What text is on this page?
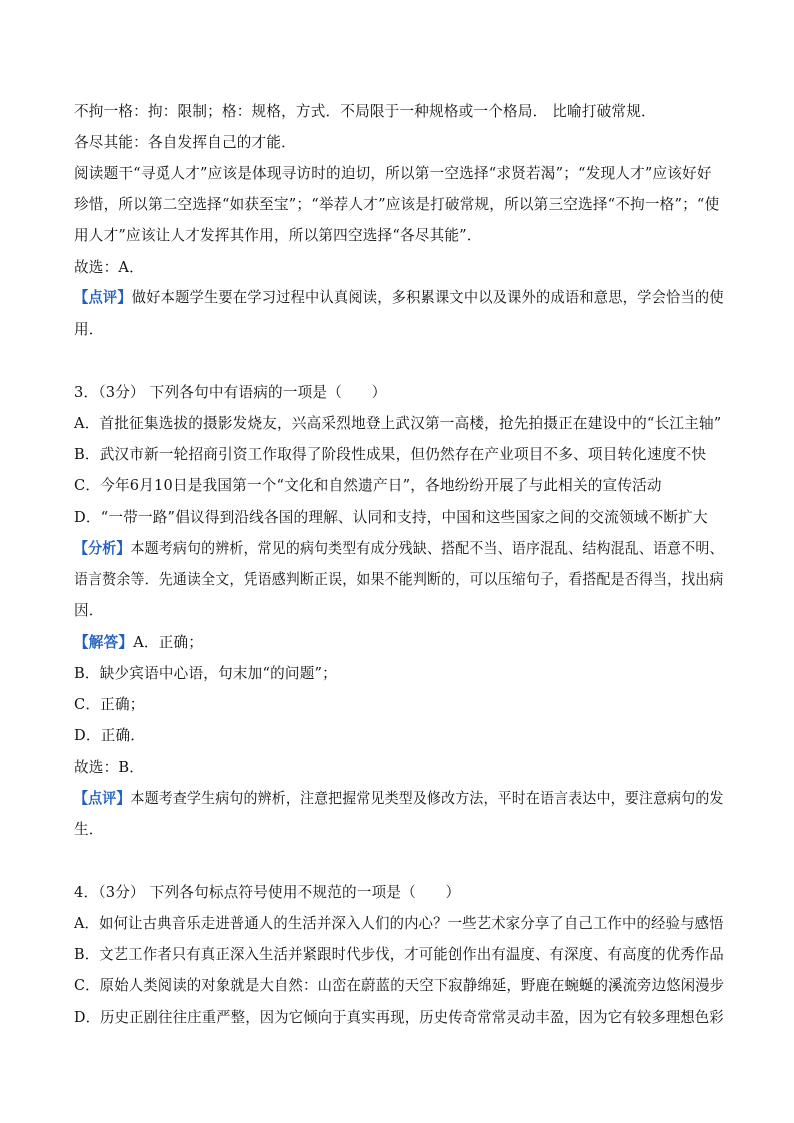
不拘一格：拘：限制；格：规格，方式．不局限于一种规格或一个格局． 比喻打破常规．
各尽其能：各自发挥自己的才能．
阅读题干“寻觅人才”应该是体现寻访时的迫切，所以第一空选择“求贤若渴”；“发现人才”应该好好
珍惜，所以第二空选择“如获至宝”；“举荐人才”应该是打破常规，所以第三空选择“不拘一格”；“使
用人才”应该让人才发挥其作用，所以第四空选择“各尽其能”．
故选：A．
【点评】做好本题学生要在学习过程中认真阅读，多积累课文中以及课外的成语和意思，学会恰当的使
用．
3．（3分） 下列各句中有语病的一项是（　　）
A．首批征集选拔的摄影发烧友，兴高采烈地登上武汉第一高楼，抢先拍摄正在建设中的“长江主轴”
B．武汉市新一轮招商引资工作取得了阶段性成果，但仍然存在产业项目不多、项目转化速度不快
C．今年6月10日是我国第一个“文化和自然遗产日”，各地纷纷开展了与此相关的宣传活动
D．“一带一路”倡议得到沿线各国的理解、认同和支持，中国和这些国家之间的交流领域不断扩大
【分析】本题考病句的辨析，常见的病句类型有成分残缺、搭配不当、语序混乱、结构混乱、语意不明、
语言赘余等．先通读全文，凭语感判断正误，如果不能判断的，可以压缩句子，看搭配是否得当，找出病
因．
【解答】A．正确；
B．缺少宾语中心语，句末加“的问题”；
C．正确；
D．正确．
故选：B．
【点评】本题考查学生病句的辨析，注意把握常见类型及修改方法，平时在语言表达中，要注意病句的发
生．
4．（3分） 下列各句标点符号使用不规范的一项是（　　）
A．如何让古典音乐走进普通人的生活并深入人们的内心？一些艺术家分享了自己工作中的经验与感悟
B．文艺工作者只有真正深入生活并紧跟时代步伐，才可能创作出有温度、有深度、有高度的优秀作品
C．原始人类阅读的对象就是大自然：山峦在蔚蓝的天空下寂静绵延，野鹿在蜿蜒的溪流旁边悠闲漫步
D．历史正剧往往庄重严整，因为它倾向于真实再现，历史传奇常常灵动丰盈，因为它有较多理想色彩
